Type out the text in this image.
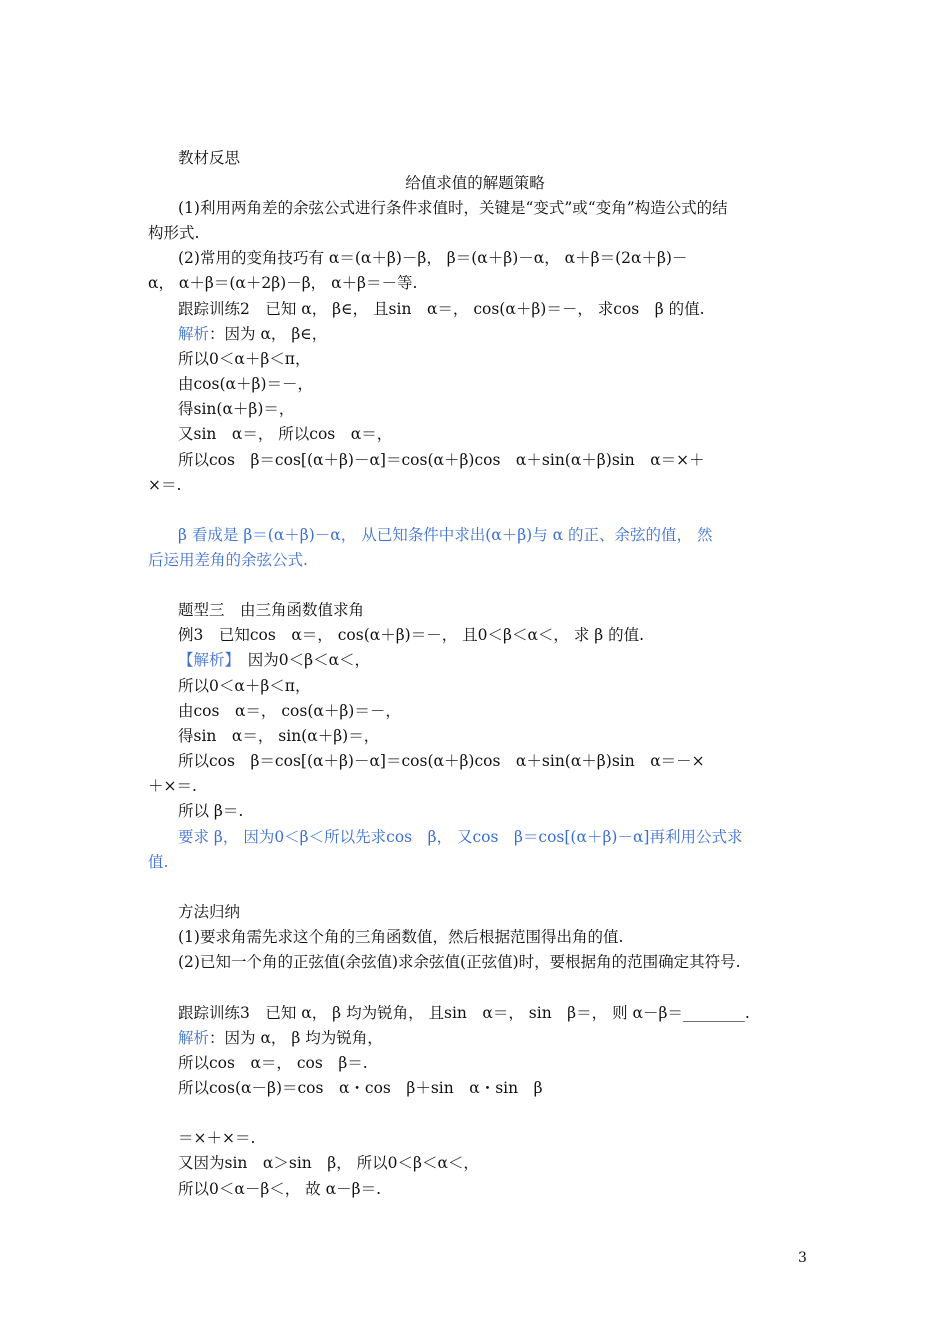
教材反思
给值求值的解题策略
(1)利用两角差的余弦公式进行条件求值时，关键是“变式”或“变角”构造公式的结
构形式.
(2)常用的变角技巧有 α＝(α＋β)－β， β＝(α＋β)－α， α＋β＝(2α＋β)－
α， α＋β＝(α＋2β)－β， α＋β＝－等.
跟踪训练2　已知 α， β∈， 且sin　α＝， cos(α＋β)＝－， 求cos　β 的值.
解析：因为 α， β∈，
所以0＜α＋β＜π，
由cos(α＋β)＝－，
得sin(α＋β)＝，
又sin　α＝， 所以cos　α＝，
所以cos　β＝cos[(α＋β)－α]＝cos(α＋β)cos　α＋sin(α＋β)sin　α＝×＋
×＝.
β 看成是 β＝(α＋β)－α， 从已知条件中求出(α＋β)与 α 的正、余弦的值， 然
后运用差角的余弦公式.
题型三　由三角函数值求角
例3　已知cos　α＝， cos(α＋β)＝－， 且0＜β＜α＜， 求 β 的值.
【解析】　因为0＜β＜α＜，
所以0＜α＋β＜π，
由cos　α＝， cos(α＋β)＝－，
得sin　α＝， sin(α＋β)＝，
所以cos　β＝cos[(α＋β)－α]＝cos(α＋β)cos　α＋sin(α＋β)sin　α＝－×
＋×＝.
所以 β＝.
要求 β， 因为0＜β＜所以先求cos　β， 又cos　β＝cos[(α＋β)－α]再利用公式求
值.
方法归纳
(1)要求角需先求这个角的三角函数值，然后根据范围得出角的值.
(2)已知一个角的正弦值(余弦值)求余弦值(正弦值)时，要根据角的范围确定其符号.
跟踪训练3　已知 α， β 均为锐角， 且sin　α＝， sin　β＝， 则 α－β＝________.
解析：因为 α， β 均为锐角，
所以cos　α＝， cos　β＝.
所以cos(α－β)＝cos　α・cos　β＋sin　α・sin　β
＝×＋×＝.
又因为sin　α＞sin　β， 所以0＜β＜α＜，
所以0＜α－β＜， 故 α－β＝.
3
